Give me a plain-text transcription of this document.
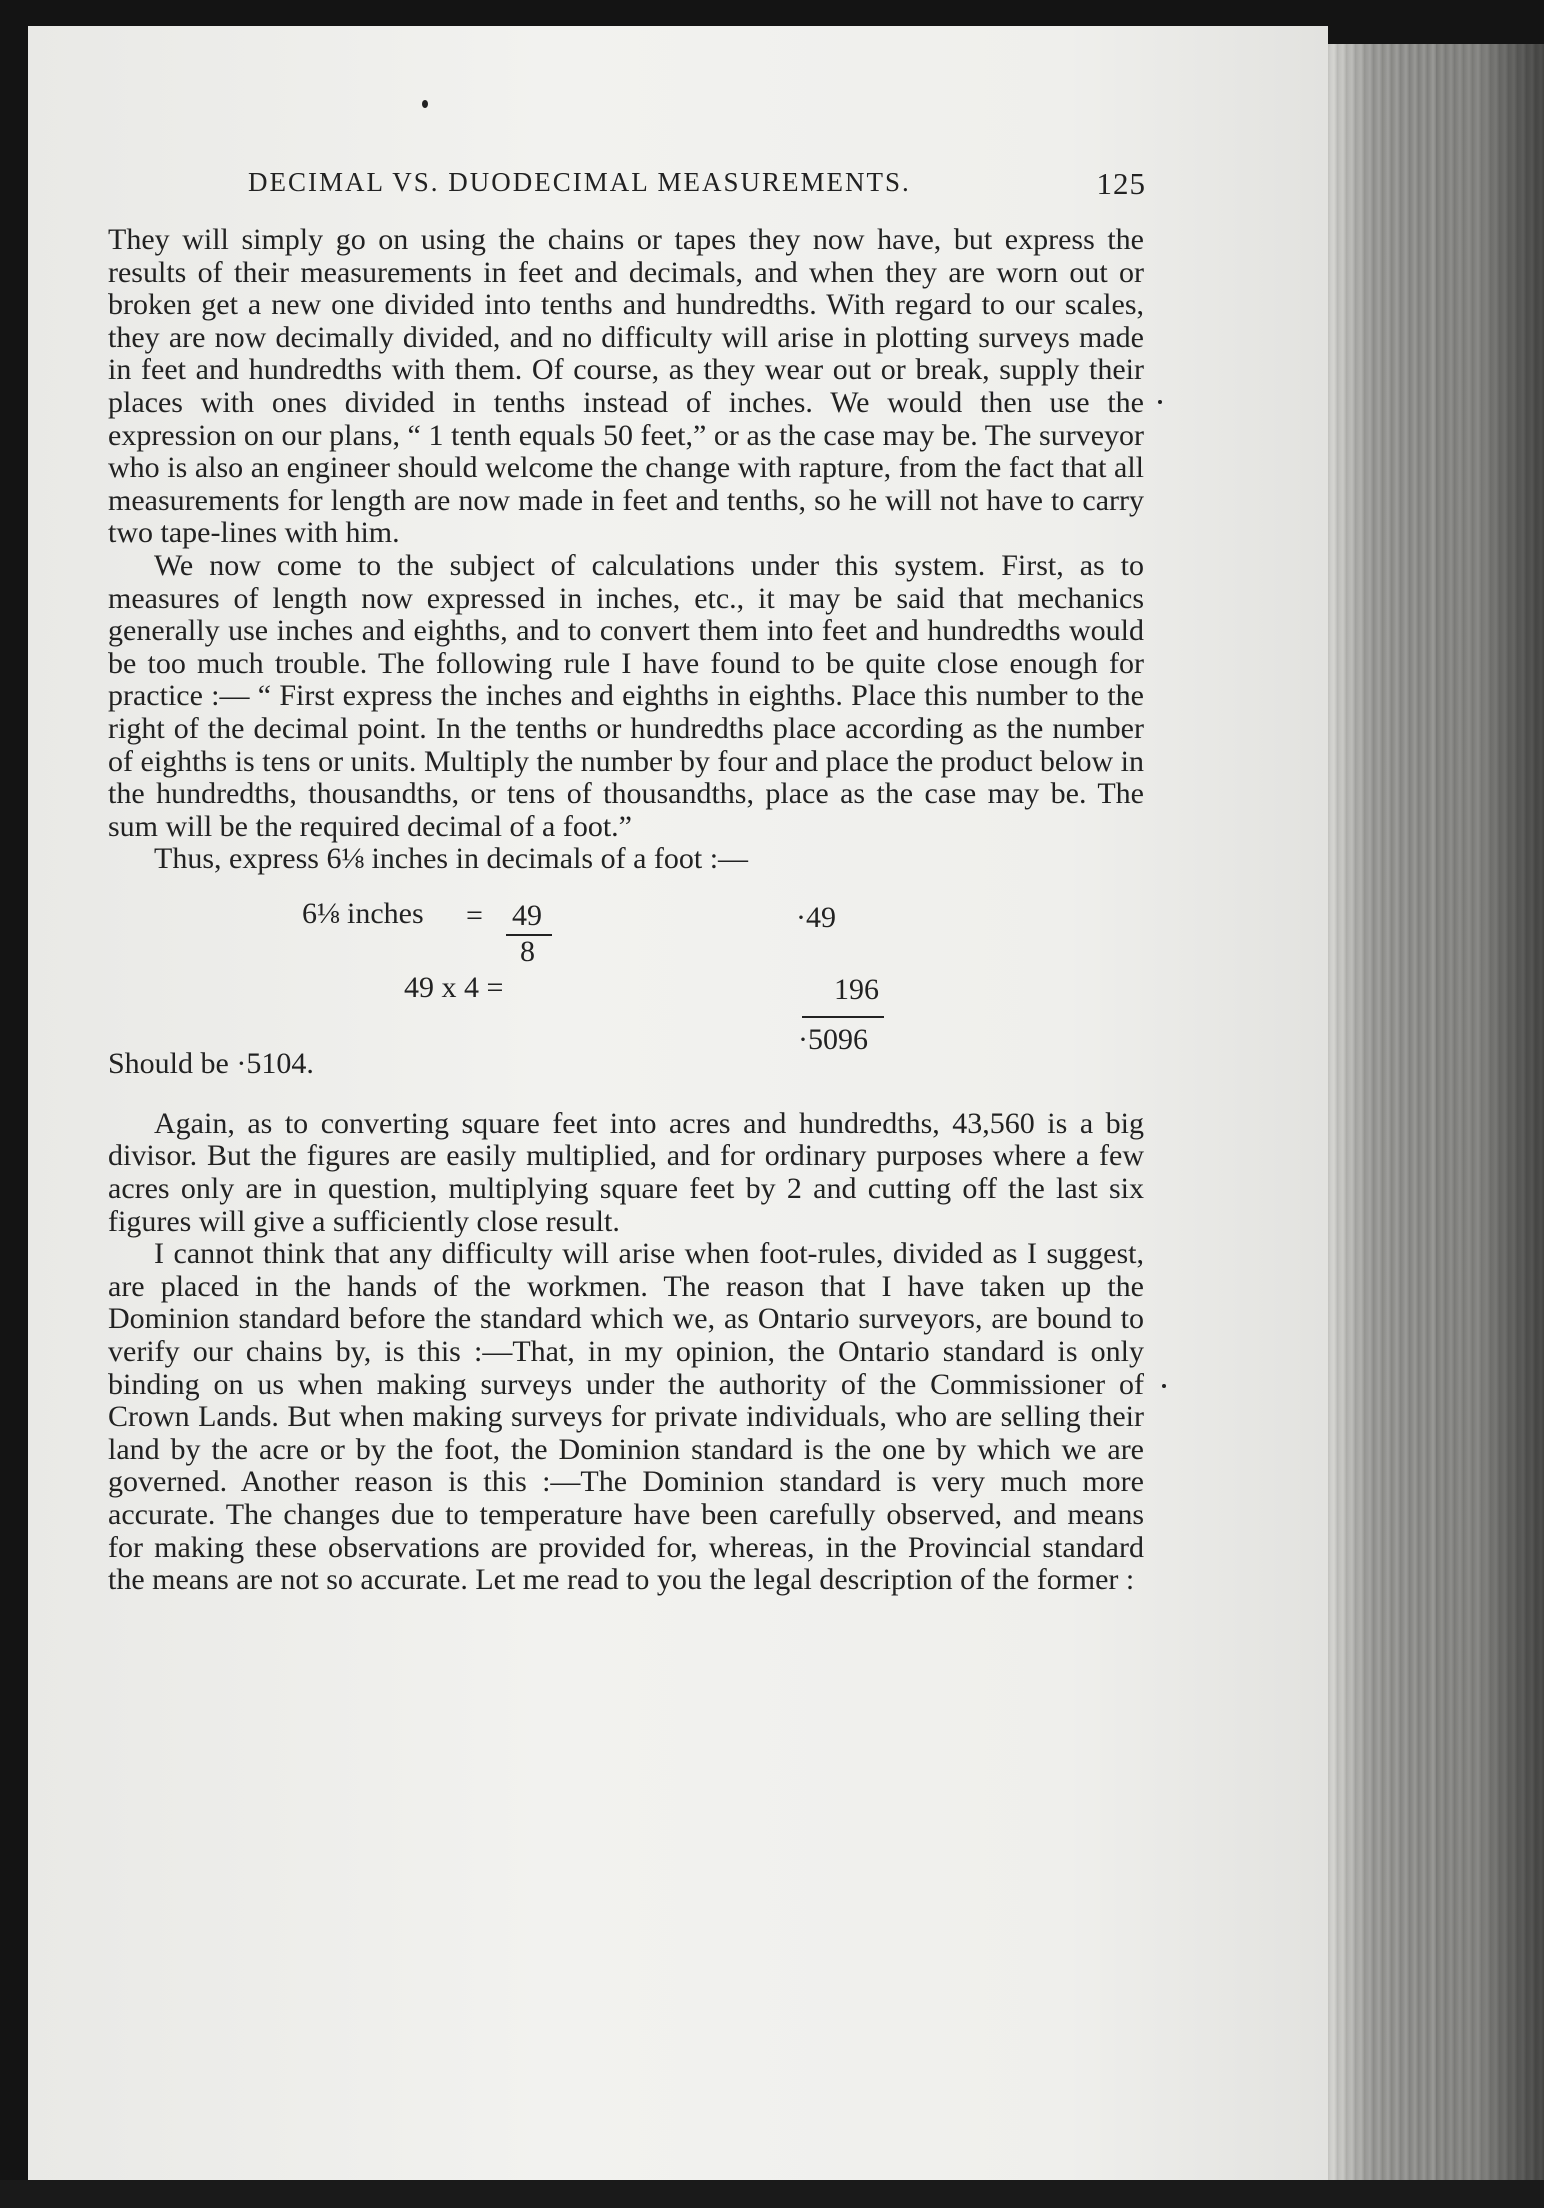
DECIMAL VS. DUODECIMAL MEASUREMENTS.	125

They will simply go on using the chains or tapes they now have, but express the results of their measurements in feet and decimals, and when they are worn out or broken get a new one divided into tenths and hundredths. With regard to our scales, they are now decimally divided, and no difficulty will arise in plotting surveys made in feet and hundredths with them. Of course, as they wear out or break, supply their places with ones divided in tenths instead of inches. We would then use the expression on our plans, “ 1 tenth equals 50 feet,” or as the case may be. The surveyor who is also an engineer should welcome the change with rapture, from the fact that all measurements for length are now made in feet and tenths, so he will not have to carry two tape-lines with him.

We now come to the subject of calculations under this system. First, as to measures of length now expressed in inches, etc., it may be said that mechanics generally use inches and eighths, and to convert them into feet and hundredths would be too much trouble. The following rule I have found to be quite close enough for practice :— “ First express the inches and eighths in eighths. Place this number to the right of the decimal point. In the tenths or hundredths place according as the number of eighths is tens or units. Multiply the number by four and place the product below in the hundredths, thousandths, or tens of thousandths, place as the case may be. The sum will be the required decimal of a foot.”

Thus, express 6⅛ inches in decimals of a foot :—

6⅛ inches = 49
8
·49
49 x 4 =	196
·5096
Should be ·5104.

Again, as to converting square feet into acres and hundredths, 43,560 is a big divisor. But the figures are easily multiplied, and for ordinary purposes where a few acres only are in question, multiplying square feet by 2 and cutting off the last six figures will give a sufficiently close result.

I cannot think that any difficulty will arise when foot-rules, divided as I suggest, are placed in the hands of the workmen. The reason that I have taken up the Dominion standard before the standard which we, as Ontario surveyors, are bound to verify our chains by, is this :—That, in my opinion, the Ontario standard is only binding on us when making surveys under the authority of the Commissioner of Crown Lands. But when making surveys for private individuals, who are selling their land by the acre or by the foot, the Dominion standard is the one by which we are governed. Another reason is this :—The Dominion standard is very much more accurate. The changes due to temperature have been carefully observed, and means for making these observations are provided for, whereas, in the Provincial standard the means are not so accurate. Let me read to you the legal description of the former :
